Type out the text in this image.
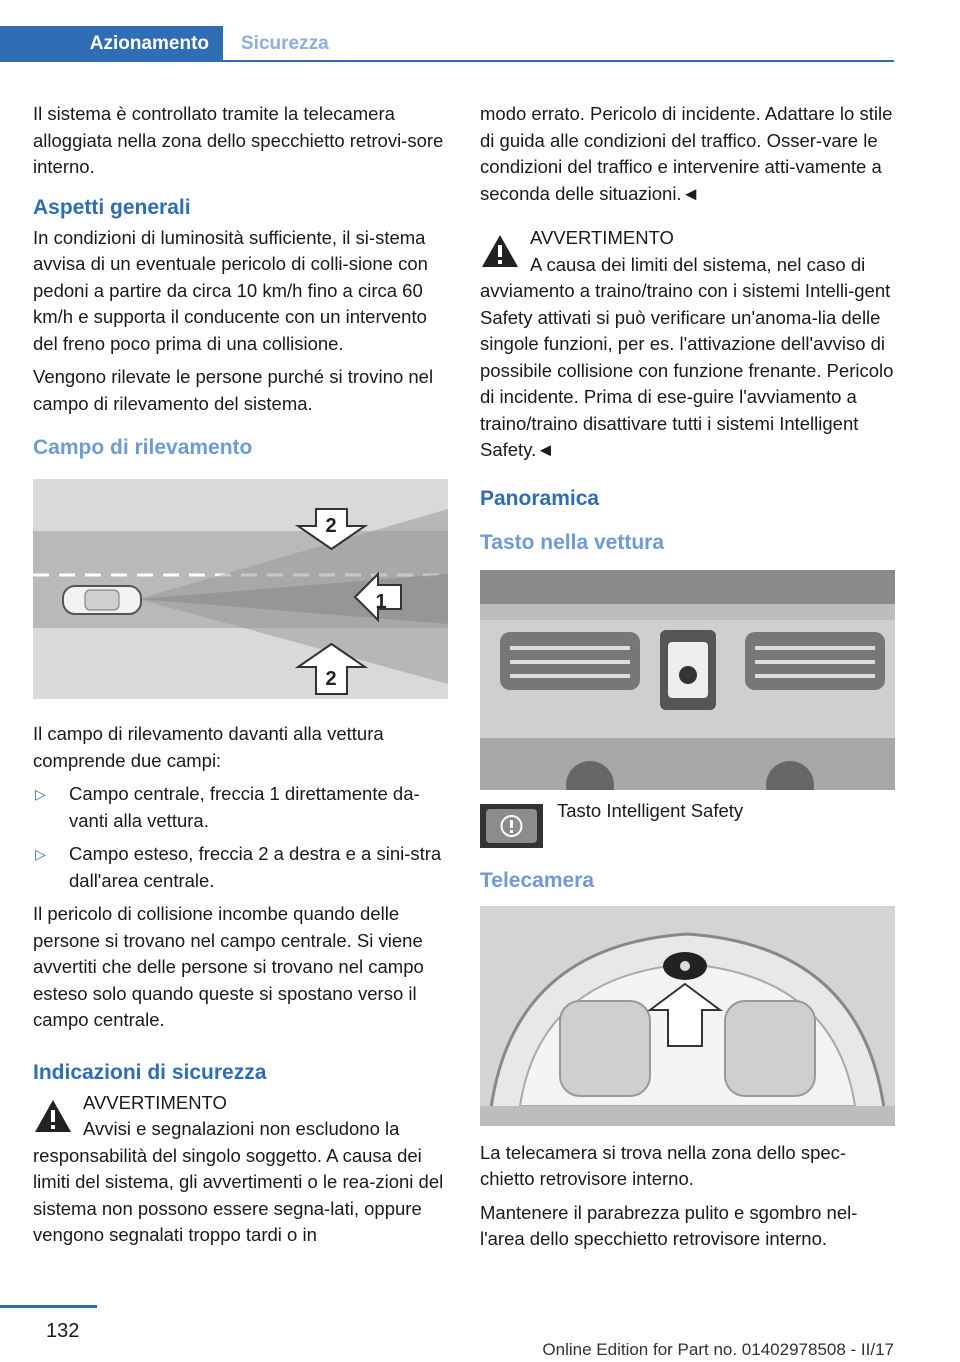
Azionamento	Sicurezza

Il sistema è controllato tramite la telecamera alloggiata nella zona dello specchietto retrovi-sore interno.

Aspetti generali

In condizioni di luminosità sufficiente, il si-stema avvisa di un eventuale pericolo di colli-sione con pedoni a partire da circa 10 km/h fino a circa 60 km/h e supporta il conducente con un intervento del freno poco prima di una collisione.

Vengono rilevate le persone purché si trovino nel campo di rilevamento del sistema.

Campo di rilevamento
1
2
2

Il campo di rilevamento davanti alla vettura comprende due campi:

▷	Campo centrale, freccia 1 direttamente da-vanti alla vettura.
▷	Campo esteso, freccia 2 a destra e a sini-stra dall'area centrale.

Il pericolo di collisione incombe quando delle persone si trovano nel campo centrale. Si viene avvertiti che delle persone si trovano nel campo esteso solo quando queste si spostano verso il campo centrale.

Indicazioni di sicurezza
AVVERTIMENTO
Avvisi e segnalazioni non escludono la responsabilità del singolo soggetto. A causa dei limiti del sistema, gli avvertimenti o le rea-zioni del sistema non possono essere segna-lati, oppure vengono segnalati troppo tardi o in

modo errato. Pericolo di incidente. Adattare lo stile di guida alle condizioni del traffico. Osser-vare le condizioni del traffico e intervenire atti-vamente a seconda delle situazioni.◄

AVVERTIMENTO
A causa dei limiti del sistema, nel caso di avviamento a traino/traino con i sistemi Intelli-gent Safety attivati si può verificare un'anoma-lia delle singole funzioni, per es. l'attivazione dell'avviso di possibile collisione con funzione frenante. Pericolo di incidente. Prima di ese-guire l'avviamento a traino/traino disattivare tutti i sistemi Intelligent Safety.◄
Panoramica
Tasto nella vettura
Tasto Intelligent Safety
Telecamera

La telecamera si trova nella zona dello spec-chietto retrovisore interno.

Mantenere il parabrezza pulito e sgombro nel-l'area dello specchietto retrovisore interno.

132
Online Edition for Part no. 01402978508 - II/17
